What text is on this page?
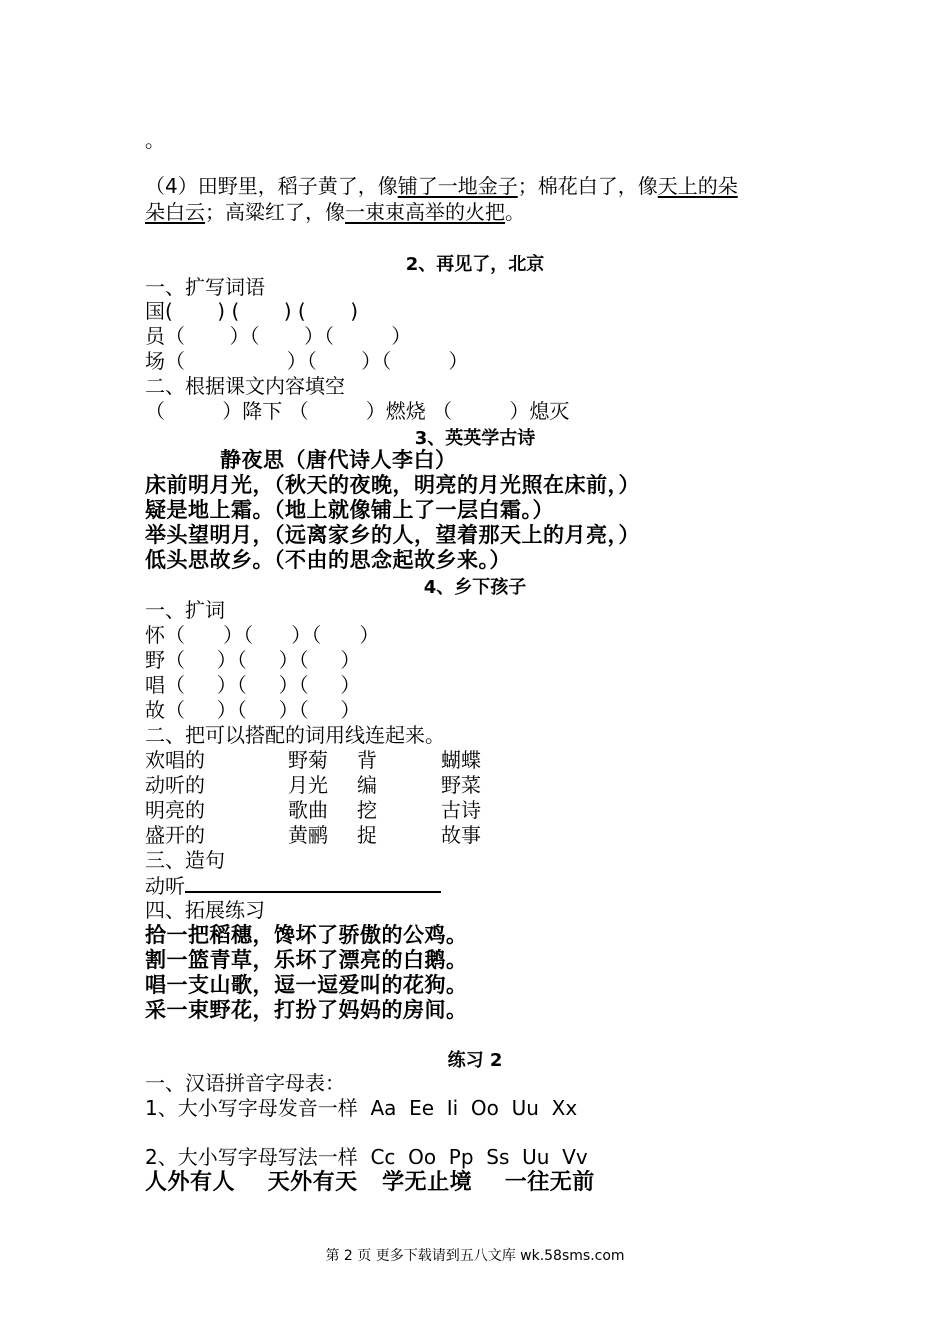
。
（4）田野里，稻子黄了，像铺了一地金子；棉花白了，像天上的朵
朵白云；高粱红了，像一束束高举的火把。
2、再见了，北京
一、扩写词语
国(       ) (       ) (       )
员（       ）（       ）（         ）
场（                ）（       ）（         ）
二、根据课文内容填空
（         ）降下 （         ）燃烧 （         ）熄灭
3、英英学古诗
静夜思（唐代诗人李白）
床前明月光，（秋天的夜晚，明亮的月光照在床前，）
疑是地上霜。（地上就像铺上了一层白霜。）
举头望明月，（远离家乡的人，望着那天上的月亮，）
低头思故乡。（不由的思念起故乡来。）
4、乡下孩子
一、扩词
怀（      ）（      ）（      ）
野（     ）（     ）（     ）
唱（     ）（     ）（     ）
故（     ）（     ）（     ）
二、把可以搭配的词用线连起来。
欢唱的	野菊 背	蝴蝶
动听的	月光 编	野菜
明亮的	歌曲 挖	古诗
盛开的	黄鹂 捉	故事
三、造句
动听
四、拓展练习
拾一把稻穗，馋坏了骄傲的公鸡。
割一篮青草，乐坏了漂亮的白鹅。
唱一支山歌，逗一逗爱叫的花狗。
采一束野花，打扮了妈妈的房间。
练习 2
一、汉语拼音字母表：
1、大小写字母发音一样  Aa  Ee  Ii  Oo  Uu  Xx
2、大小写字母写法一样  Cc  Oo  Pp  Ss  Uu  Vv
人外有人    天外有天   学无止境    一往无前
第 2 页 更多下载请到五八文库 wk.58sms.com
